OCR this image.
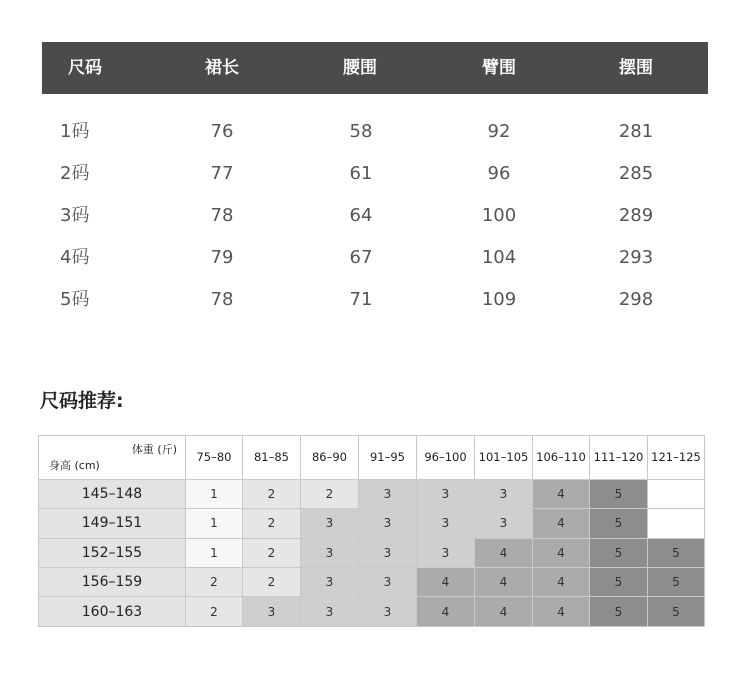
尺码	裙长	腰围	臂围	摆围
1码	76	58	92	281
2码	77	61	96	285
3码	78	64	100	289
4码	79	67	104	293
5码	78	71	109	298
尺码推荐:
体重 (斤)
身高 (cm)	75–80	81–85	86–90	91–95	96–100	101–105	106–110	111–120	121–125
145–148	1	2	2	3	3	3	4	5	
149–151	1	2	3	3	3	3	4	5	
152–155	1	2	3	3	3	4	4	5	5
156–159	2	2	3	3	4	4	4	5	5
160–163	2	3	3	3	4	4	4	5	5
